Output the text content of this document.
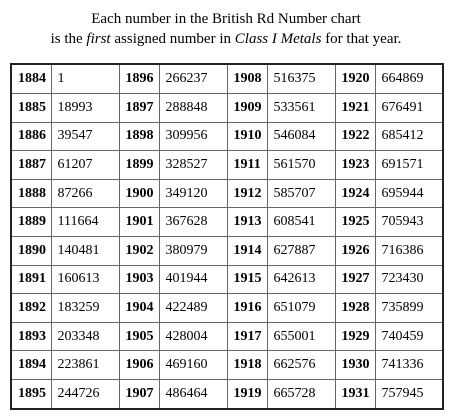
Each number in the British Rd Number chart
is the first assigned number in Class I Metals for that year.
1884	1	1896	266237	1908	516375	1920	664869
1885	18993	1897	288848	1909	533561	1921	676491
1886	39547	1898	309956	1910	546084	1922	685412
1887	61207	1899	328527	1911	561570	1923	691571
1888	87266	1900	349120	1912	585707	1924	695944
1889	111664	1901	367628	1913	608541	1925	705943
1890	140481	1902	380979	1914	627887	1926	716386
1891	160613	1903	401944	1915	642613	1927	723430
1892	183259	1904	422489	1916	651079	1928	735899
1893	203348	1905	428004	1917	655001	1929	740459
1894	223861	1906	469160	1918	662576	1930	741336
1895	244726	1907	486464	1919	665728	1931	757945
